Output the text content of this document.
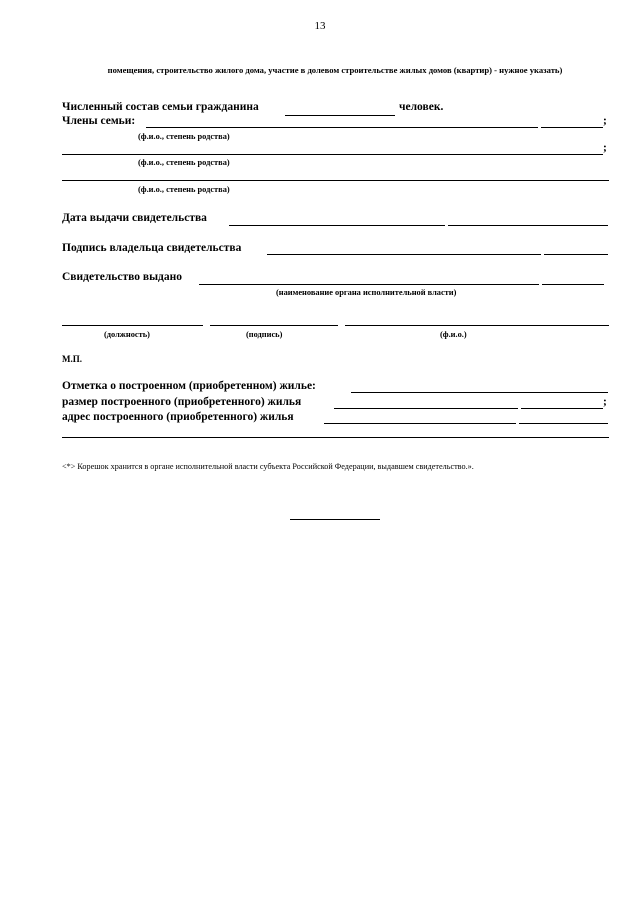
13
помещения, строительство жилого дома, участие в долевом строительстве жилых домов (квартир) - нужное указать)
Численный состав семьи гражданина	человек.
Члены семьи:	;
(ф.и.о., степень родства)
;
(ф.и.о., степень родства)
(ф.и.о., степень родства)
Дата выдачи свидетельства
Подпись владельца свидетельства
Свидетельство выдано
(наименование органа исполнительной власти)
(должность)	(подпись)	(ф.и.о.)
М.П.
Отметка о построенном (приобретенном) жилье:
размер построенного (приобретенного) жилья	;
адрес построенного (приобретенного) жилья
<*> Корешок хранится в органе исполнительной власти субъекта Российской Федерации, выдавшем свидетельство.».
